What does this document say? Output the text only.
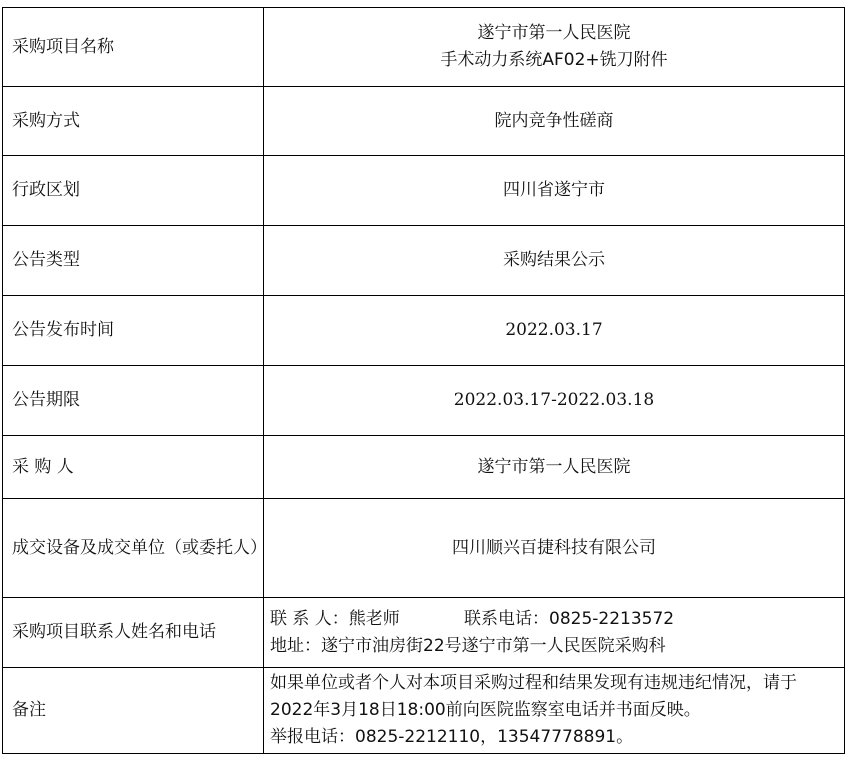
采购项目名称	遂宁市第一人民医院
手术动力系统AF02+铣刀附件

采购方式	院内竞争性磋商
行政区划	四川省遂宁市
公告类型	采购结果公示
公告发布时间	2022.03.17
公告期限	2022.03.17-2022.03.18
采 购 人	遂宁市第一人民医院
成交设备及成交单位（或委托人）	四川顺兴百捷科技有限公司
采购项目联系人姓名和电话	联 系 人：熊老师 联系电话：0825-2213572
地址：遂宁市油房街22号遂宁市第一人民医院采购科

备注	如果单位或者个人对本项目采购过程和结果发现有违规违纪情况，请于2022年3月18日18:00前向医院监察室电话并书面反映。
举报电话：0825-2212110，13547778891。
